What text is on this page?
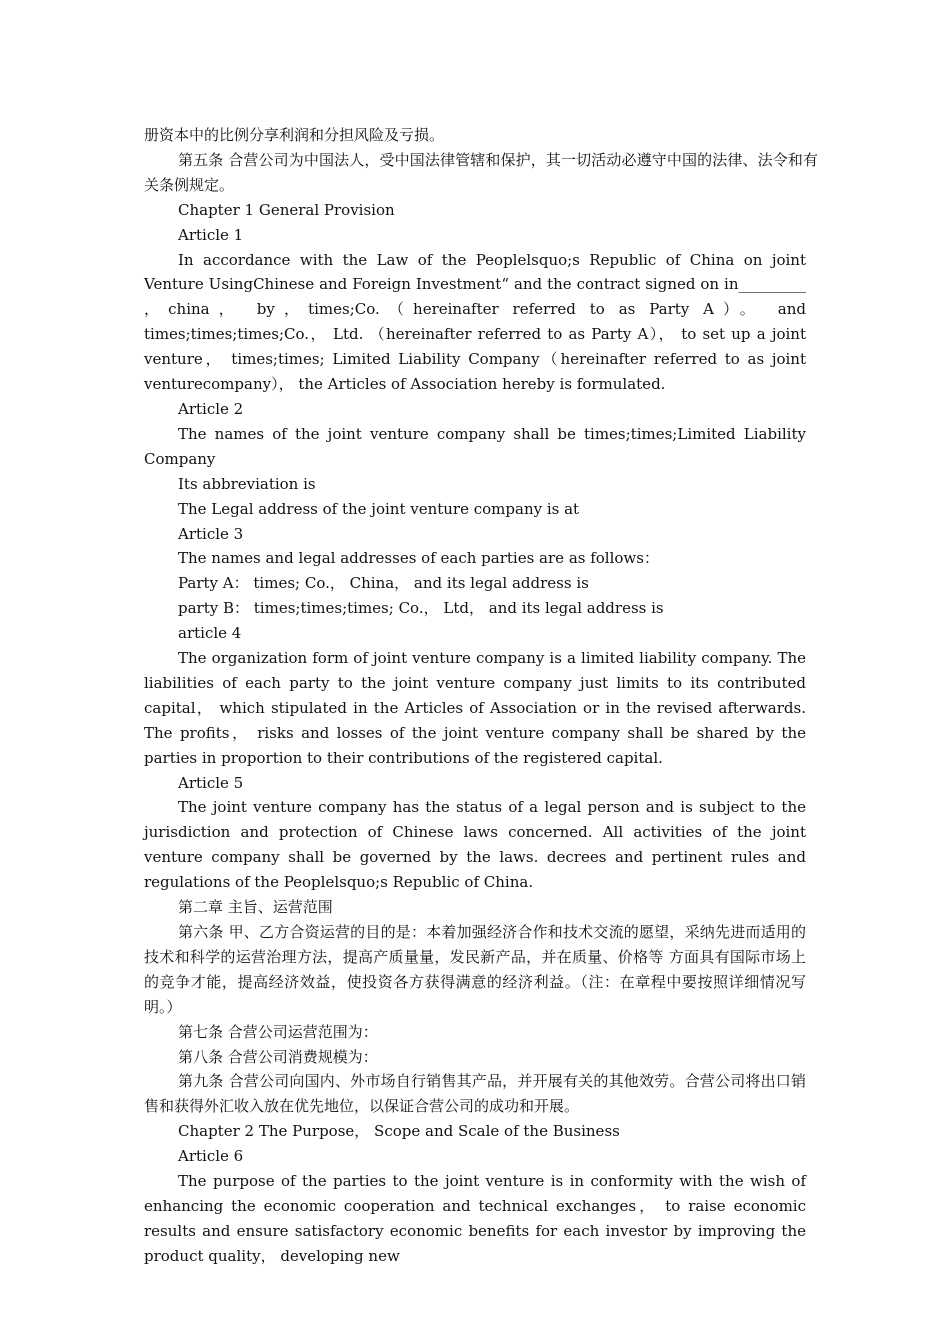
册资本中的比例分享利润和分担风险及亏损。

第五条 合营公司为中国法人，受中国法律管辖和保护，其一切活动必遵守中国的法律、法令和有关条例规定。

Chapter 1 General Provision

Article 1

In accordance with the Law of the Peoplelsquo;s Republic of China on joint Venture UsingChinese and Foreign Investment“ and the contract signed on in_________ ，china， by，times;Co.（hereinafter referred to as Party A）。 and times;times;times;Co.， Ltd. （hereinafter referred to as Party A）， to set up a joint venture， times;times; Limited Liability Company（hereinafter referred to as joint venturecompany）， the Articles of Association hereby is formulated.

Article 2

The names of the joint venture company shall be times;times;Limited Liability Company

Its abbreviation is

The Legal address of the joint venture company is at

Article 3

The names and legal addresses of each parties are as follows：

Party A： times; Co.， China， and its legal address is

party B： times;times;times; Co.， Ltd， and its legal address is

article 4

The organization form of joint venture company is a limited liability company. The liabilities of each party to the joint venture company just limits to its contributed capital， which stipulated in the Articles of Association or in the revised afterwards. The profits， risks and losses of the joint venture company shall be shared by the parties in proportion to their contributions of the registered capital.

Article 5

The joint venture company has the status of a legal person and is subject to the jurisdiction and protection of Chinese laws concerned. All activities of the joint venture company shall be governed by the laws. decrees and pertinent rules and regulations of the Peoplelsquo;s Republic of China.

第二章 主旨、运营范围

第六条 甲、乙方合资运营的目的是：本着加强经济合作和技术交流的愿望，采纳先进而适用的技术和科学的运营治理方法，提高产质量量，发民新产品，并在质量、价格等 方面具有国际市场上的竞争才能，提高经济效益，使投资各方获得满意的经济利益。（注：在章程中要按照详细情况写明。）

第七条 合营公司运营范围为：

第八条 合营公司消费规模为：

第九条 合营公司向国内、外市场自行销售其产品，并开展有关的其他效劳。合营公司将出口销售和获得外汇收入放在优先地位，以保证合营公司的成功和开展。

Chapter 2 The Purpose， Scope and Scale of the Business

Article 6

The purpose of the parties to the joint venture is in conformity with the wish of enhancing the economic cooperation and technical exchanges， to raise economic results and ensure satisfactory economic benefits for each investor by improving the product quality， developing new
